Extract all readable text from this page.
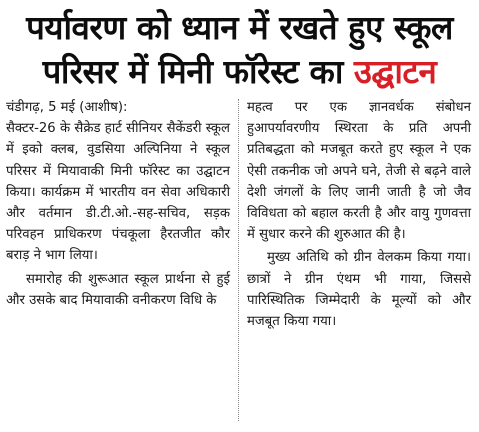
पर्यावरण को ध्यान में रखते हुए स्कूल
परिसर में मिनी फॉरेस्ट का उद्घाटन

चंडीगढ़, 5 मई (आशीष):
सैक्टर-26 के सैक्रेड हार्ट सीनियर सैकेंडरी स्कूल में इको क्लब, वुडसिया अल्पिनिया ने स्कूल परिसर में मियावाकी मिनी फॉरेस्ट का उद्घाटन किया। कार्यक्रम में भारतीय वन सेवा अधिकारी और वर्तमान डी.टी.ओ.-सह-सचिव, सड़क परिवहन प्राधिकरण पंचकूला हैरतजीत कौर बराड़ ने भाग लिया।

समारोह की शुरूआत स्कूल प्रार्थना से हुई और उसके बाद मियावाकी वनीकरण विधि के

महत्व पर एक ज्ञानवर्धक संबोधन हुआपर्यावरणीय स्थिरता के प्रति अपनी प्रतिबद्धता को मजबूत करते हुए स्कूल ने एक ऐसी तकनीक जो अपने घने, तेजी से बढ़ने वाले देशी जंगलों के लिए जानी जाती है जो जैव विविधता को बहाल करती है और वायु गुणवत्ता में सुधार करने की शुरुआत की है।

मुख्य अतिथि को ग्रीन वेलकम किया गया। छात्रों ने ग्रीन एंथम भी गाया, जिससे पारिस्थितिक जिम्मेदारी के मूल्यों को और मजबूत किया गया।
